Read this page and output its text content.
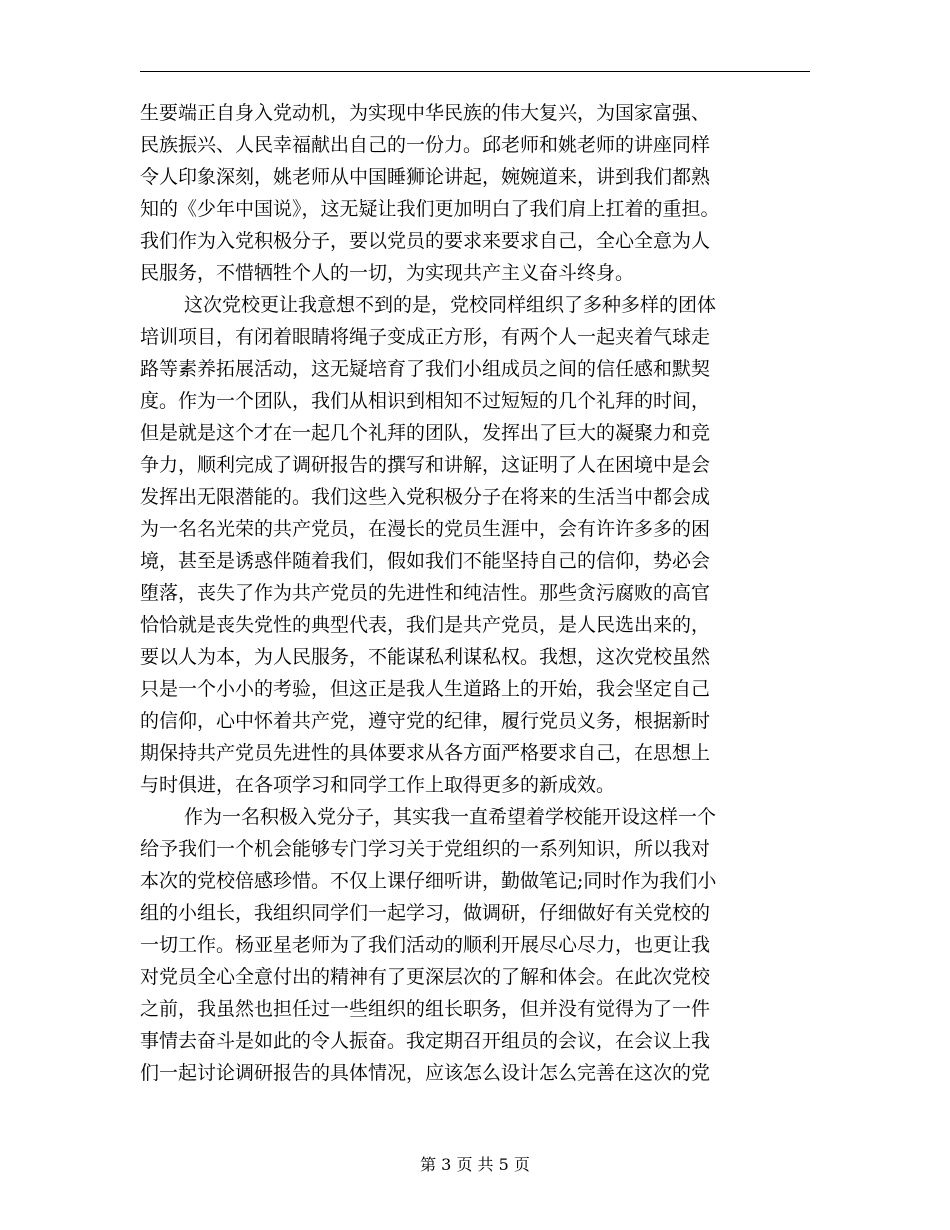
生要端正自身入党动机，为实现中华民族的伟大复兴，为国家富强、
民族振兴、人民幸福献出自己的一份力。邱老师和姚老师的讲座同样
令人印象深刻，姚老师从中国睡狮论讲起，婉婉道来，讲到我们都熟
知的《少年中国说》，这无疑让我们更加明白了我们肩上扛着的重担。
我们作为入党积极分子，要以党员的要求来要求自己，全心全意为人
民服务，不惜牺牲个人的一切，为实现共产主义奋斗终身。
这次党校更让我意想不到的是，党校同样组织了多种多样的团体
培训项目，有闭着眼睛将绳子变成正方形，有两个人一起夹着气球走
路等素养拓展活动，这无疑培育了我们小组成员之间的信任感和默契
度。作为一个团队，我们从相识到相知不过短短的几个礼拜的时间，
但是就是这个才在一起几个礼拜的团队，发挥出了巨大的凝聚力和竞
争力，顺利完成了调研报告的撰写和讲解，这证明了人在困境中是会
发挥出无限潜能的。我们这些入党积极分子在将来的生活当中都会成
为一名名光荣的共产党员，在漫长的党员生涯中，会有许许多多的困
境，甚至是诱惑伴随着我们，假如我们不能坚持自己的信仰，势必会
堕落，丧失了作为共产党员的先进性和纯洁性。那些贪污腐败的高官
恰恰就是丧失党性的典型代表，我们是共产党员，是人民选出来的，
要以人为本，为人民服务，不能谋私利谋私权。我想，这次党校虽然
只是一个小小的考验，但这正是我人生道路上的开始，我会坚定自己
的信仰，心中怀着共产党，遵守党的纪律，履行党员义务，根据新时
期保持共产党员先进性的具体要求从各方面严格要求自己，在思想上
与时俱进，在各项学习和同学工作上取得更多的新成效。
作为一名积极入党分子，其实我一直希望着学校能开设这样一个
给予我们一个机会能够专门学习关于党组织的一系列知识，所以我对
本次的党校倍感珍惜。不仅上课仔细听讲，勤做笔记;同时作为我们小
组的小组长，我组织同学们一起学习，做调研，仔细做好有关党校的
一切工作。杨亚星老师为了我们活动的顺利开展尽心尽力，也更让我
对党员全心全意付出的精神有了更深层次的了解和体会。在此次党校
之前，我虽然也担任过一些组织的组长职务，但并没有觉得为了一件
事情去奋斗是如此的令人振奋。我定期召开组员的会议，在会议上我
们一起讨论调研报告的具体情况，应该怎么设计怎么完善在这次的党
第 3 页 共 5 页
